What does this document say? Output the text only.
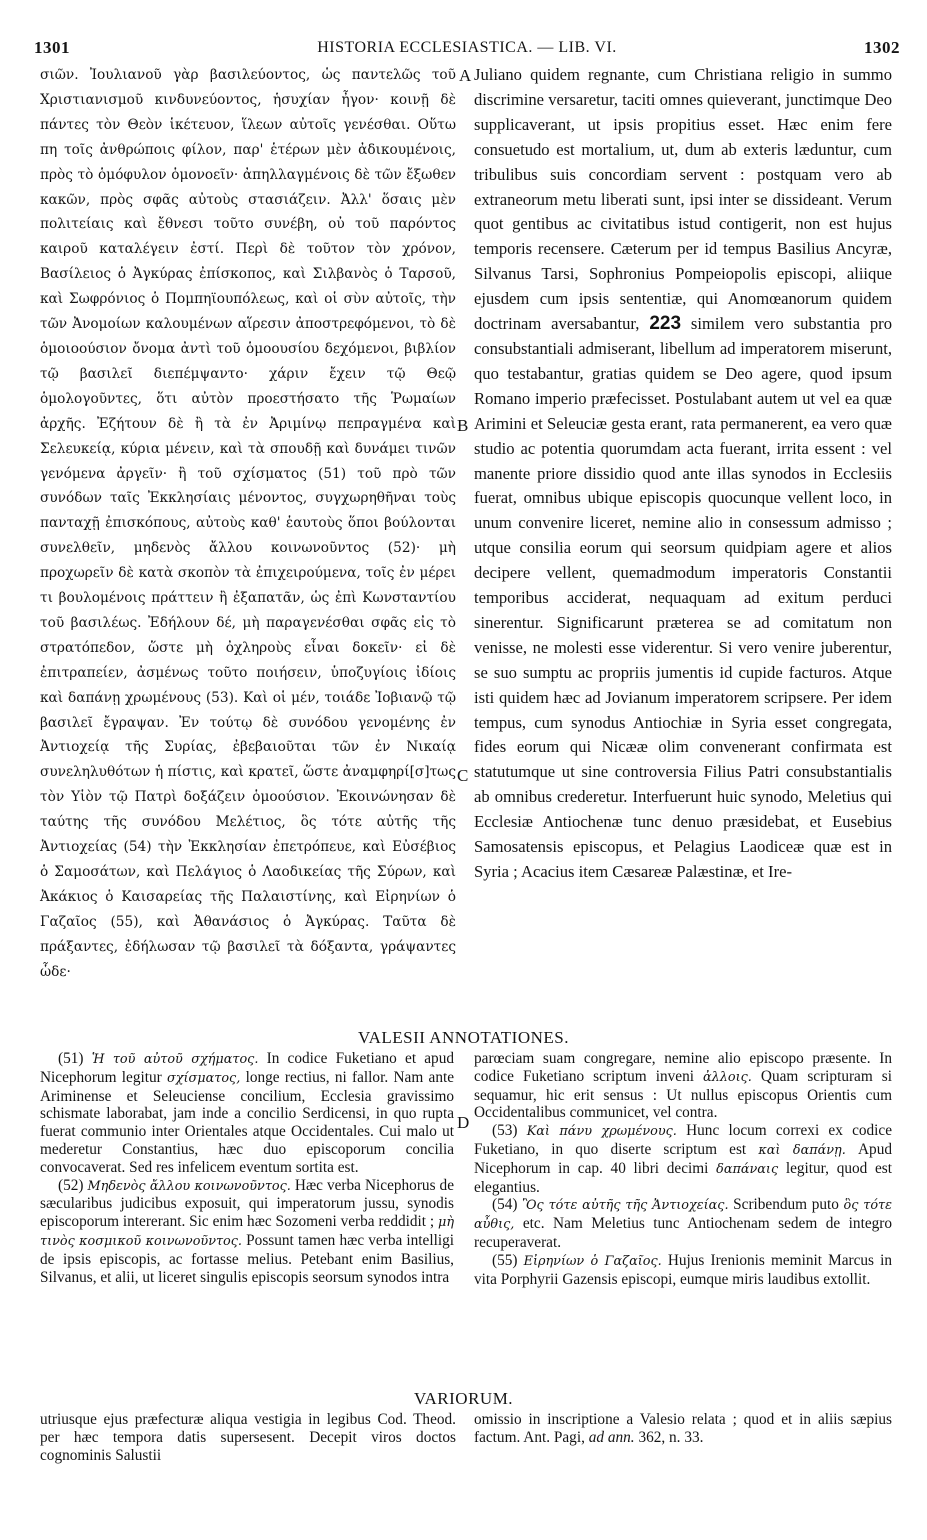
1301	HISTORIA ECCLESIASTICA. — LIB. VI.	1302
σιῶν. Ἰουλιανοῦ γὰρ βασιλεύοντος, ὡς παντελῶς τοῦ Χριστιανισμοῦ κινδυνεύοντος, ἡσυχίαν ἦγον· κοινῇ δὲ πάντες τὸν Θεὸν ἱκέτευον, ἵλεων αὐτοῖς γενέσθαι. Οὕτω πη τοῖς ἀνθρώποις φίλον, παρ' ἑτέρων μὲν ἀδικουμένοις, πρὸς τὸ ὁμόφυλον ὁμονοεῖν· ἀπηλλαγμένοις δὲ τῶν ἔξωθεν κακῶν, πρὸς σφᾶς αὐτοὺς στασιάζειν. Ἀλλ' ὅσαις μὲν πολιτείαις καὶ ἔθνεσι τοῦτο συνέβη, οὐ τοῦ παρόντος καιροῦ καταλέγειν ἐστί. Περὶ δὲ τοῦτον τὸν χρόνον, Βασίλειος ὁ Ἀγκύρας ἐπίσκοπος, καὶ Σιλβανὸς ὁ Ταρσοῦ, καὶ Σωφρόνιος ὁ Πομπηϊουπόλεως, καὶ οἱ σὺν αὐτοῖς, τὴν τῶν Ἀνομοίων καλουμένων αἵρεσιν ἀποστρεφόμενοι, τὸ δὲ ὁμοιοούσιον ὄνομα ἀντὶ τοῦ ὁμοουσίου δεχόμενοι, βιβλίον τῷ βασιλεῖ διεπέμψαντο· χάριν ἔχειν τῷ Θεῷ ὁμολογοῦντες, ὅτι αὐτὸν προεστήσατο τῆς Ῥωμαίων ἀρχῆς. Ἐζήτουν δὲ ἢ τὰ ἐν Ἀριμίνῳ πεπραγμένα καὶ Σελευκείᾳ, κύρια μένειν, καὶ τὰ σπουδῇ καὶ δυνάμει τινῶν γενόμενα ἀργεῖν· ἢ τοῦ σχίσματος (51) τοῦ πρὸ τῶν συνόδων ταῖς Ἐκκλησίαις μένοντος, συγχωρηθῆναι τοὺς πανταχῇ ἐπισκόπους, αὐτοὺς καθ' ἑαυτοὺς ὅποι βούλονται συνελθεῖν, μηδενὸς ἄλλου κοινωνοῦντος (52)· μὴ προχωρεῖν δὲ κατὰ σκοπὸν τὰ ἐπιχειρούμενα, τοῖς ἐν μέρει τι βουλομένοις πράττειν ἢ ἐξαπατᾶν, ὡς ἐπὶ Κωνσταντίου τοῦ βασιλέως. Ἐδήλουν δέ, μὴ παραγενέσθαι σφᾶς εἰς τὸ στρατόπεδον, ὥστε μὴ ὀχληροὺς εἶναι δοκεῖν· εἰ δὲ ἐπιτραπείεν, ἀσμένως τοῦτο ποιήσειν, ὑποζυγίοις ἰδίοις καὶ δαπάνῃ χρωμένους (53). Καὶ οἱ μέν, τοιάδε Ἰοβιανῷ τῷ βασιλεῖ ἔγραψαν. Ἐν τούτῳ δὲ συνόδου γενομένης ἐν Ἀντιοχείᾳ τῆς Συρίας, ἐβεβαιοῦται τῶν ἐν Νικαίᾳ συνεληλυθότων ἡ πίστις, καὶ κρατεῖ, ὥστε ἀναμφηρί[σ]τως τὸν Υἱὸν τῷ Πατρὶ δοξάζειν ὁμοούσιον. Ἐκοινώνησαν δὲ ταύτης τῆς συνόδου Μελέτιος, ὃς τότε αὐτῆς τῆς Ἀντιοχείας (54) τὴν Ἐκκλησίαν ἐπετρόπευε, καὶ Εὐσέβιος ὁ Σαμοσάτων, καὶ Πελάγιος ὁ Λαοδικείας τῆς Σύρων, καὶ Ἀκάκιος ὁ Καισαρείας τῆς Παλαιστίνης, καὶ Εἰρηνίων ὁ Γαζαῖος (55), καὶ Ἀθανάσιος ὁ Ἀγκύρας. Ταῦτα δὲ πράξαντες, ἐδήλωσαν τῷ βασιλεῖ τὰ δόξαντα, γράψαντες ὧδε·
Juliano quidem regnante, cum Christiana religio in summo discrimine versaretur, taciti omnes quieverant, junctimque Deo supplicaverant, ut ipsis propitius esset. Hæc enim fere consuetudo est mortalium, ut, dum ab exteris læduntur, cum tribulibus suis concordiam servent : postquam vero ab extraneorum metu liberati sunt, ipsi inter se dissideant. Verum quot gentibus ac civitatibus istud contigerit, non est hujus temporis recensere. Cæterum per id tempus Basilius Ancyræ, Silvanus Tarsi, Sophronius Pompeiopolis episcopi, aliique ejusdem cum ipsis sententiæ, qui Anomœanorum quidem doctrinam aversabantur, 223 similem vero substantia pro consubstantiali admiserant, libellum ad imperatorem miserunt, quo testabantur, gratias quidem se Deo agere, quod ipsum Romano imperio præfecisset. Postulabant autem ut vel ea quæ Arimini et Seleuciæ gesta erant, rata permanerent, ea vero quæ studio ac potentia quorumdam acta fuerant, irrita essent : vel manente priore dissidio quod ante illas synodos in Ecclesiis fuerat, omnibus ubique episcopis quocunque vellent loco, in unum convenire liceret, nemine alio in consessum admisso ; utque consilia eorum qui seorsum quidpiam agere et alios decipere vellent, quemadmodum imperatoris Constantii temporibus acciderat, nequaquam ad exitum perduci sinerentur. Significarunt præterea se ad comitatum non venisse, ne molesti esse viderentur. Si vero venire juberentur, se suo sumptu ac propriis jumentis id cupide facturos. Atque isti quidem hæc ad Jovianum imperatorem scripsere. Per idem tempus, cum synodus Antiochiæ in Syria esset congregata, fides eorum qui Nicææ olim convenerant confirmata est statutumque ut sine controversia Filius Patri consubstantialis ab omnibus crederetur. Interfuerunt huic synodo, Meletius qui Ecclesiæ Antiochenæ tunc denuo præsidebat, et Eusebius Samosatensis episcopus, et Pelagius Laodiceæ quæ est in Syria ; Acacius item Cæsareæ Palæstinæ, et Ire-
A
B
C
D
VALESII ANNOTATIONES.

(51) Ἡ τοῦ αὐτοῦ σχήματος. In codice Fuketiano et apud Nicephorum legitur σχίσματος, longe rectius, ni fallor. Nam ante Ariminense et Seleuciense concilium, Ecclesia gravissimo schismate laborabat, jam inde a concilio Serdicensi, in quo rupta fuerat communio inter Orientales atque Occidentales. Cui malo ut mederetur Constantius, hæc duo episcoporum concilia convocaverat. Sed res infelicem eventum sortita est.

(52) Μηδενὸς ἄλλου κοινωνοῦντος. Hæc verba Nicephorus de sæcularibus judicibus exposuit, qui imperatorum jussu, synodis episcoporum intererant. Sic enim hæc Sozomeni verba reddidit ; μὴ τινὸς κοσμικοῦ κοινωνοῦντος. Possunt tamen hæc verba intelligi de ipsis episcopis, ac fortasse melius. Petebant enim Basilius, Silvanus, et alii, ut liceret singulis episcopis seorsum synodos intra

parœciam suam congregare, nemine alio episcopo præsente. In codice Fuketiano scriptum inveni ἀλλοις. Quam scripturam si sequamur, hic erit sensus : Ut nullus episcopus Orientis cum Occidentalibus communicet, vel contra.

(53) Καὶ πάνυ χρωμένους. Hunc locum correxi ex codice Fuketiano, in quo diserte scriptum est καὶ δαπάνῃ. Apud Nicephorum in cap. 40 libri decimi δαπάναις legitur, quod est elegantius.

(54) Ὃς τότε αὐτῆς τῆς Ἀντιοχείας. Scribendum puto ὃς τότε αὖθις, etc. Nam Meletius tunc Antiochenam sedem de integro recuperaverat.

(55) Εἰρηνίων ὁ Γαζαῖος. Hujus Irenionis meminit Marcus in vita Porphyrii Gazensis episcopi, eumque miris laudibus extollit.

VARIORUM.
utriusque ejus præfecturæ aliqua vestigia in legibus Cod. Theod. per hæc tempora datis supersesent. Decepit viros doctos cognominis Salustii
omissio in inscriptione a Valesio relata ; quod et in aliis sæpius factum. Ant. Pagi, ad ann. 362, n. 33.
